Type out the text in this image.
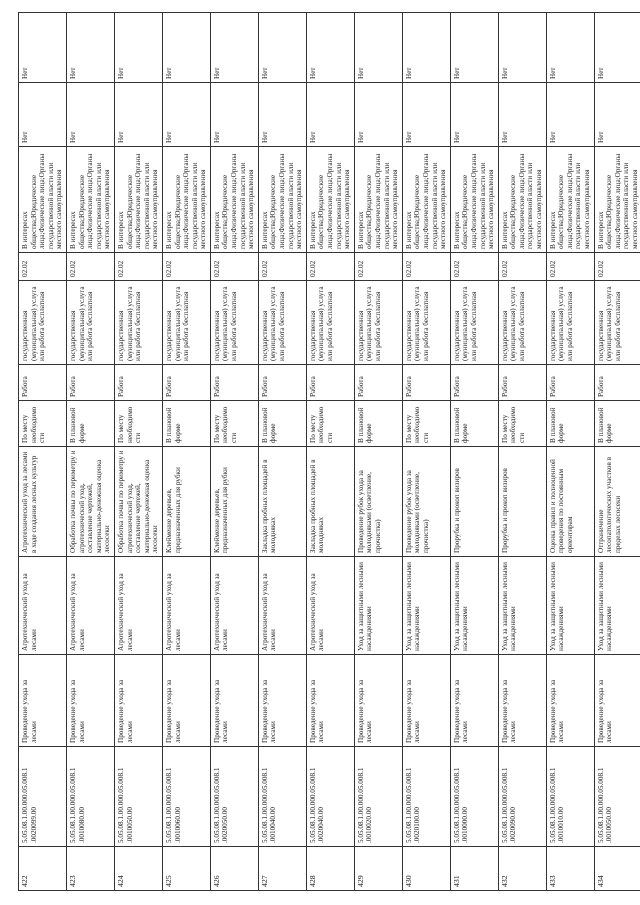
422	5.05.08.1.00.000.05.008.1 .0020099.00	Проведение ухода за лесами	Агротехнический уход за лесами	Агротехнический уход за лесами в ходе создания лесных культур	По месту необходимости	Работа	государственная (муниципальная) услуга или работа бесплатная	02.02	В интересах общества;Юридические лица;Физические лица;Органы государственной власти или местного самоуправления	Нет	Нет
423	5.05.08.1.00.000.05.008.1 .0010080.00	Проведение ухода за лесами	Агротехнический уход за лесами	Обработка почвы по периметру и агротехнический уход, составление чертежей, материально-денежная оценка лесосеки	В плановой форме	Работа	государственная (муниципальная) услуга или работа бесплатная	02.02	В интересах общества;Юридические лица;Физические лица;Органы государственной власти или местного самоуправления	Нет	Нет
424	5.05.08.1.00.000.05.008.1 .0010050.00	Проведение ухода за лесами	Агротехнический уход за лесами	Обработка почвы по периметру и агротехнический уход, составление чертежей, материально-денежная оценка лесосеки	По месту необходимости	Работа	государственная (муниципальная) услуга или работа бесплатная	02.02	В интересах общества;Юридические лица;Физические лица;Органы государственной власти или местного самоуправления	Нет	Нет
425	5.05.08.1.00.000.05.008.1 .0010060.00	Проведение ухода за лесами	Агротехнический уход за лесами	Клеймение деревьев, предназначенных для рубки	В плановой форме	Работа	государственная (муниципальная) услуга или работа бесплатная	02.02	В интересах общества;Юридические лица;Физические лица;Органы государственной власти или местного самоуправления	Нет	Нет
426	5.05.08.1.00.000.05.008.1 .0020050.00	Проведение ухода за лесами	Агротехнический уход за лесами	Клеймение деревьев, предназначенных для рубки	По месту необходимости	Работа	государственная (муниципальная) услуга или работа бесплатная	02.02	В интересах общества;Юридические лица;Физические лица;Органы государственной власти или местного самоуправления	Нет	Нет
427	5.05.08.1.00.000.05.008.1 .0010040.00	Проведение ухода за лесами	Агротехнический уход за лесами	Закладка пробных площадей в молодняках	В плановой форме	Работа	государственная (муниципальная) услуга или работа бесплатная	02.02	В интересах общества;Юридические лица;Физические лица;Органы государственной власти или местного самоуправления	Нет	Нет
428	5.05.08.1.00.000.05.008.1 .0020040.00	Проведение ухода за лесами	Агротехнический уход за лесами	Закладка пробных площадей в молодняках	По месту необходимости	Работа	государственная (муниципальная) услуга или работа бесплатная	02.02	В интересах общества;Юридические лица;Физические лица;Органы государственной власти или местного самоуправления	Нет	Нет
429	5.05.08.1.00.000.05.008.1 .0010020.00	Проведение ухода за лесами	Уход за защитными лесными насаждениями	Проведение рубок ухода за молодняками (осветление, прочистка)	В плановой форме	Работа	государственная (муниципальная) услуга или работа бесплатная	02.02	В интересах общества;Юридические лица;Физические лица;Органы государственной власти или местного самоуправления	Нет	Нет
430	5.05.08.1.00.000.05.008.1 .0020100.00	Проведение ухода за лесами	Уход за защитными лесными насаждениями	Проведение рубок ухода за молодняками (осветление, прочистка)	По месту необходимости	Работа	государственная (муниципальная) услуга или работа бесплатная	02.02	В интересах общества;Юридические лица;Физические лица;Органы государственной власти или местного самоуправления	Нет	Нет
431	5.05.08.1.00.000.05.008.1 .0010000.00	Проведение ухода за лесами	Уход за защитными лесными насаждениями	Прорубка и прокоп визиров	В плановой форме	Работа	государственная (муниципальная) услуга или работа бесплатная	02.02	В интересах общества;Юридические лица;Физические лица;Органы государственной власти или местного самоуправления	Нет	Нет
432	5.05.08.1.00.000.05.008.1 .0020090.00	Проведение ухода за лесами	Уход за защитными лесными насаждениями	Прорубка и прокоп визиров	По месту необходимости	Работа	государственная (муниципальная) услуга или работа бесплатная	02.02	В интересах общества;Юридические лица;Физические лица;Органы государственной власти или местного самоуправления	Нет	Нет
433	5.05.08.1.00.000.05.008.1 .0010010.00	Проведение ухода за лесами	Уход за защитными лесными насаждениями	Оценка правил и полноценной проведения по постоянным ориентирам	В плановой форме	Работа	государственная (муниципальная) услуга или работа бесплатная	02.02	В интересах общества;Юридические лица;Физические лица;Органы государственной власти или местного самоуправления	Нет	Нет
434	5.05.08.1.00.000.05.008.1 .0010050.00	Проведение ухода за лесами	Уход за защитными лесными насаждениями	Отграничение лесопатологических участков в пределах лесосеки	В плановой форме	Работа	государственная (муниципальная) услуга или работа бесплатная	02.02	В интересах общества;Юридические лица;Физические лица;Органы государственной власти или местного самоуправления	Нет	Нет
